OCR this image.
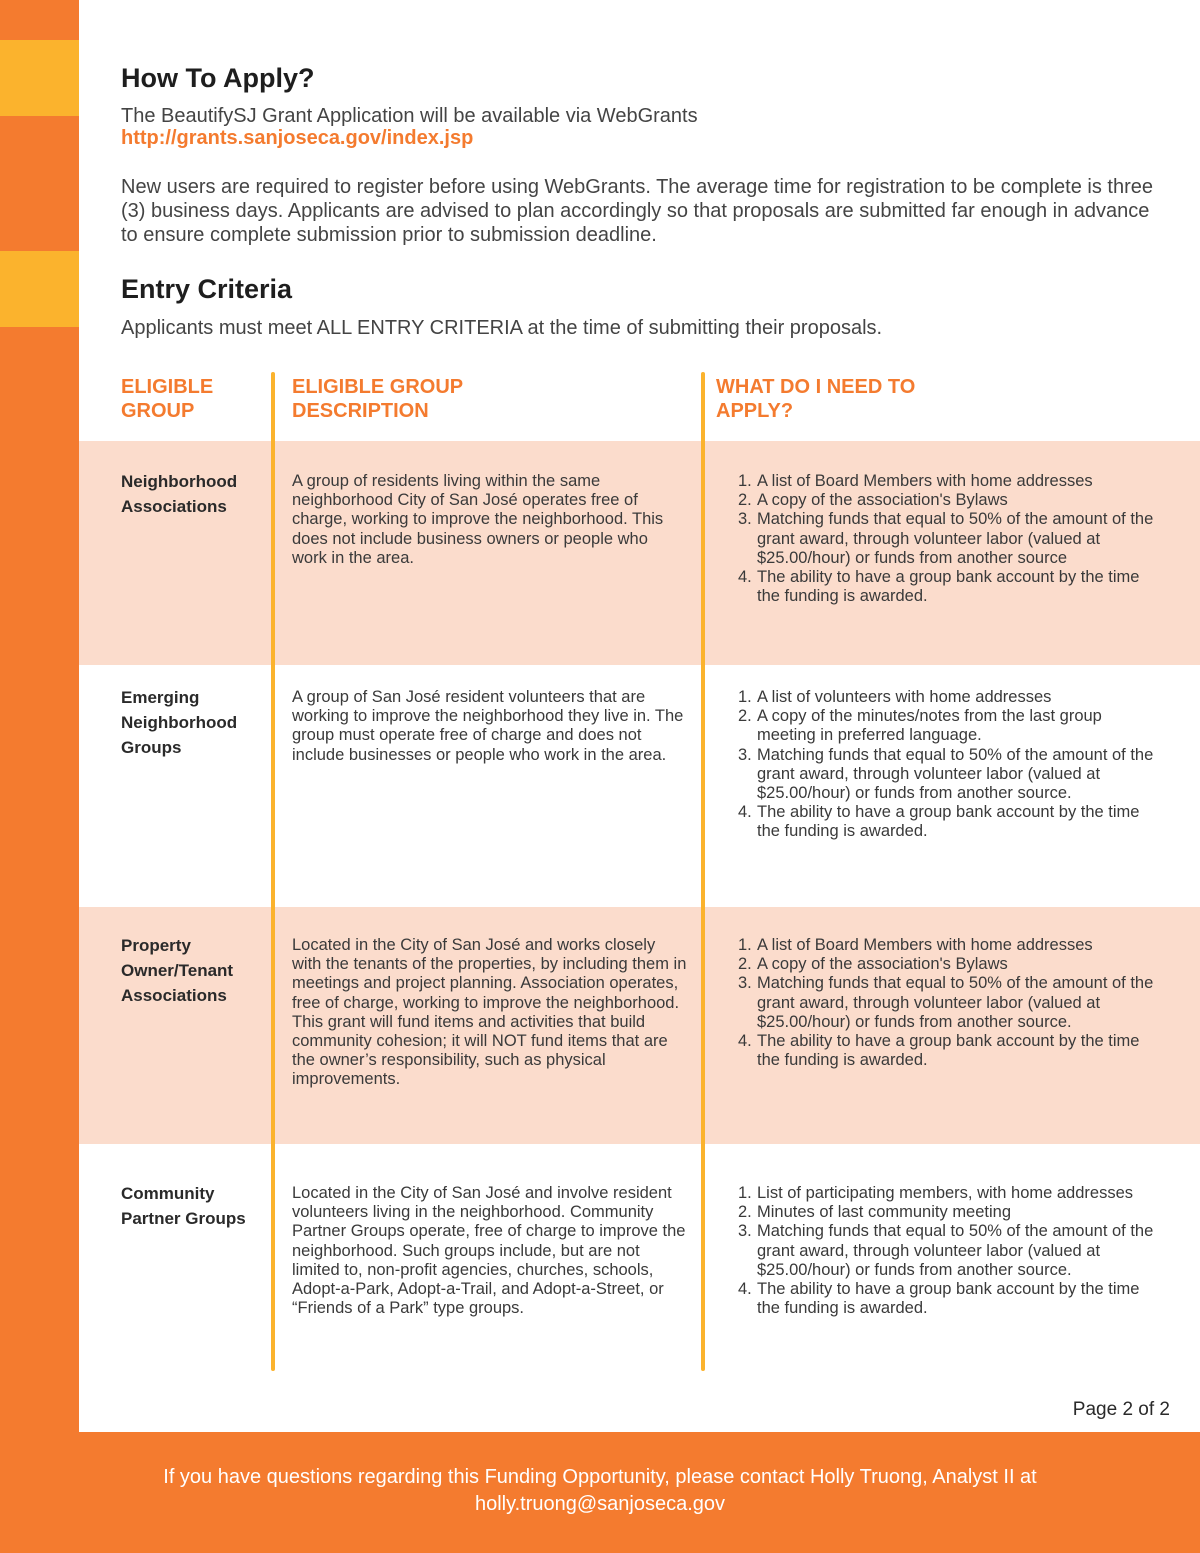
How To Apply?

The BeautifySJ Grant Application will be available via WebGrants

http://grants.sanjoseca.gov/index.jsp

New users are required to register before using WebGrants. The average time for registration to be complete is three (3) business days. Applicants are advised to plan accordingly so that proposals are submitted far enough in advance to ensure complete submission prior to submission deadline.

Entry Criteria

Applicants must meet ALL ENTRY CRITERIA at the time of submitting their proposals.

ELIGIBLE GROUP
ELIGIBLE GROUP DESCRIPTION
WHAT DO I NEED TO APPLY?
Neighborhood Associations
A group of residents living within the same neighborhood City of San José operates free of charge, working to improve the neighborhood. This does not include business owners or people who work in the area.
1. A list of Board Members with home addresses
2. A copy of the association's Bylaws
3. Matching funds that equal to 50% of the amount of the grant award, through volunteer labor (valued at $25.00/hour) or funds from another source
4. The ability to have a group bank account by the time the funding is awarded.
Emerging Neighborhood Groups
A group of San José resident volunteers that are working to improve the neighborhood they live in. The group must operate free of charge and does not include businesses or people who work in the area.
1. A list of volunteers with home addresses
2. A copy of the minutes/notes from the last group meeting in preferred language.
3. Matching funds that equal to 50% of the amount of the grant award, through volunteer labor (valued at $25.00/hour) or funds from another source.
4. The ability to have a group bank account by the time the funding is awarded.
Property Owner/Tenant Associations
Located in the City of San José and works closely with the tenants of the properties, by including them in meetings and project planning. Association operates, free of charge, working to improve the neighborhood. This grant will fund items and activities that build community cohesion; it will NOT fund items that are the owner’s responsibility, such as physical improvements.
1. A list of Board Members with home addresses
2. A copy of the association's Bylaws
3. Matching funds that equal to 50% of the amount of the grant award, through volunteer labor (valued at $25.00/hour) or funds from another source.
4. The ability to have a group bank account by the time the funding is awarded.
Community Partner Groups
Located in the City of San José and involve resident volunteers living in the neighborhood. Community Partner Groups operate, free of charge to improve the neighborhood. Such groups include, but are not limited to, non-profit agencies, churches, schools, Adopt-a-Park, Adopt-a-Trail, and Adopt-a-Street, or “Friends of a Park” type groups.
1. List of participating members, with home addresses
2. Minutes of last community meeting
3. Matching funds that equal to 50% of the amount of the grant award, through volunteer labor (valued at $25.00/hour) or funds from another source.
4. The ability to have a group bank account by the time the funding is awarded.
Page 2 of 2
If you have questions regarding this Funding Opportunity, please contact Holly Truong, Analyst II at
holly.truong@sanjoseca.gov
